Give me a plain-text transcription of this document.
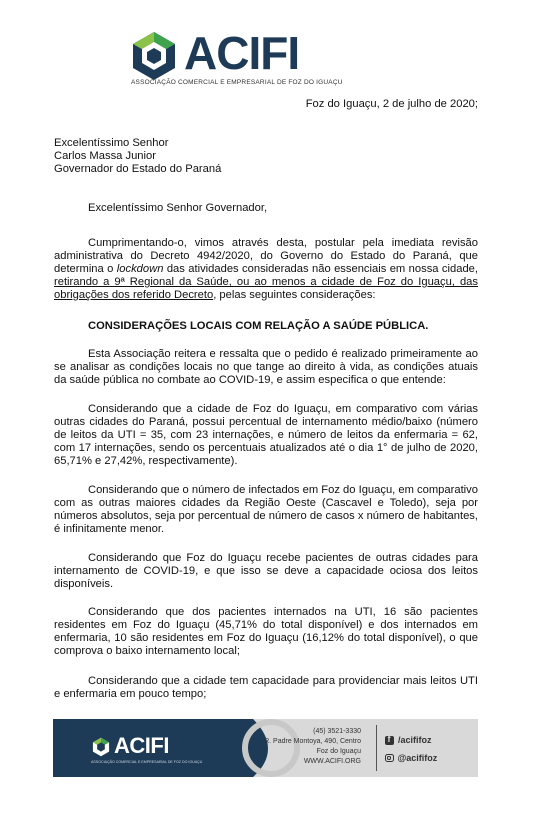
ACIFI
ASSOCIAÇÃO COMERCIAL E EMPRESARIAL DE FOZ DO IGUAÇU
Foz do Iguaçu, 2 de julho de 2020;
Excelentíssimo Senhor
Carlos Massa Junior
Governador do Estado do Paraná
Excelentíssimo Senhor Governador,

Cumprimentando-o, vimos através desta, postular pela imediata revisão administrativa do Decreto 4942/2020, do Governo do Estado do Paraná, que determina o lockdown das atividades consideradas não essenciais em nossa cidade, retirando a 9ª Regional da Saúde, ou ao menos a cidade de Foz do Iguaçu, das obrigações dos referido Decreto, pelas seguintes considerações:

CONSIDERAÇÕES LOCAIS COM RELAÇÃO A SAÚDE PÚBLICA.

Esta Associação reitera e ressalta que o pedido é realizado primeiramente ao se analisar as condições locais no que tange ao direito à vida, as condições atuais da saúde pública no combate ao COVID-19, e assim especifica o que entende:

Considerando que a cidade de Foz do Iguaçu, em comparativo com várias outras cidades do Paraná, possui percentual de internamento médio/baixo (número de leitos da UTI = 35, com 23 internações, e número de leitos da enfermaria = 62, com 17 internações, sendo os percentuais atualizados até o dia 1° de julho de 2020, 65,71% e 27,42%, respectivamente).

Considerando que o número de infectados em Foz do Iguaçu, em comparativo com as outras maiores cidades da Região Oeste (Cascavel e Toledo), seja por números absolutos, seja por percentual de número de casos x número de habitantes, é infinitamente menor.

Considerando que Foz do Iguaçu recebe pacientes de outras cidades para internamento de COVID-19, e que isso se deve a capacidade ociosa dos leitos disponíveis.

Considerando que dos pacientes internados na UTI, 16 são pacientes residentes em Foz do Iguaçu (45,71% do total disponível) e dos internados em enfermaria, 10 são residentes em Foz do Iguaçu (16,12% do total disponível), o que comprova o baixo internamento local;

Considerando que a cidade tem capacidade para providenciar mais leitos UTI e enfermaria em pouco tempo;

ACIFI
ASSOCIAÇÃO COMERCIAL E EMPRESARIAL DE FOZ DO IGUAÇU
(45) 3521-3330
R. Padre Montoya, 490, Centro
Foz do Iguaçu
WWW.ACIFI.ORG
f
/acififoz
@acififoz
